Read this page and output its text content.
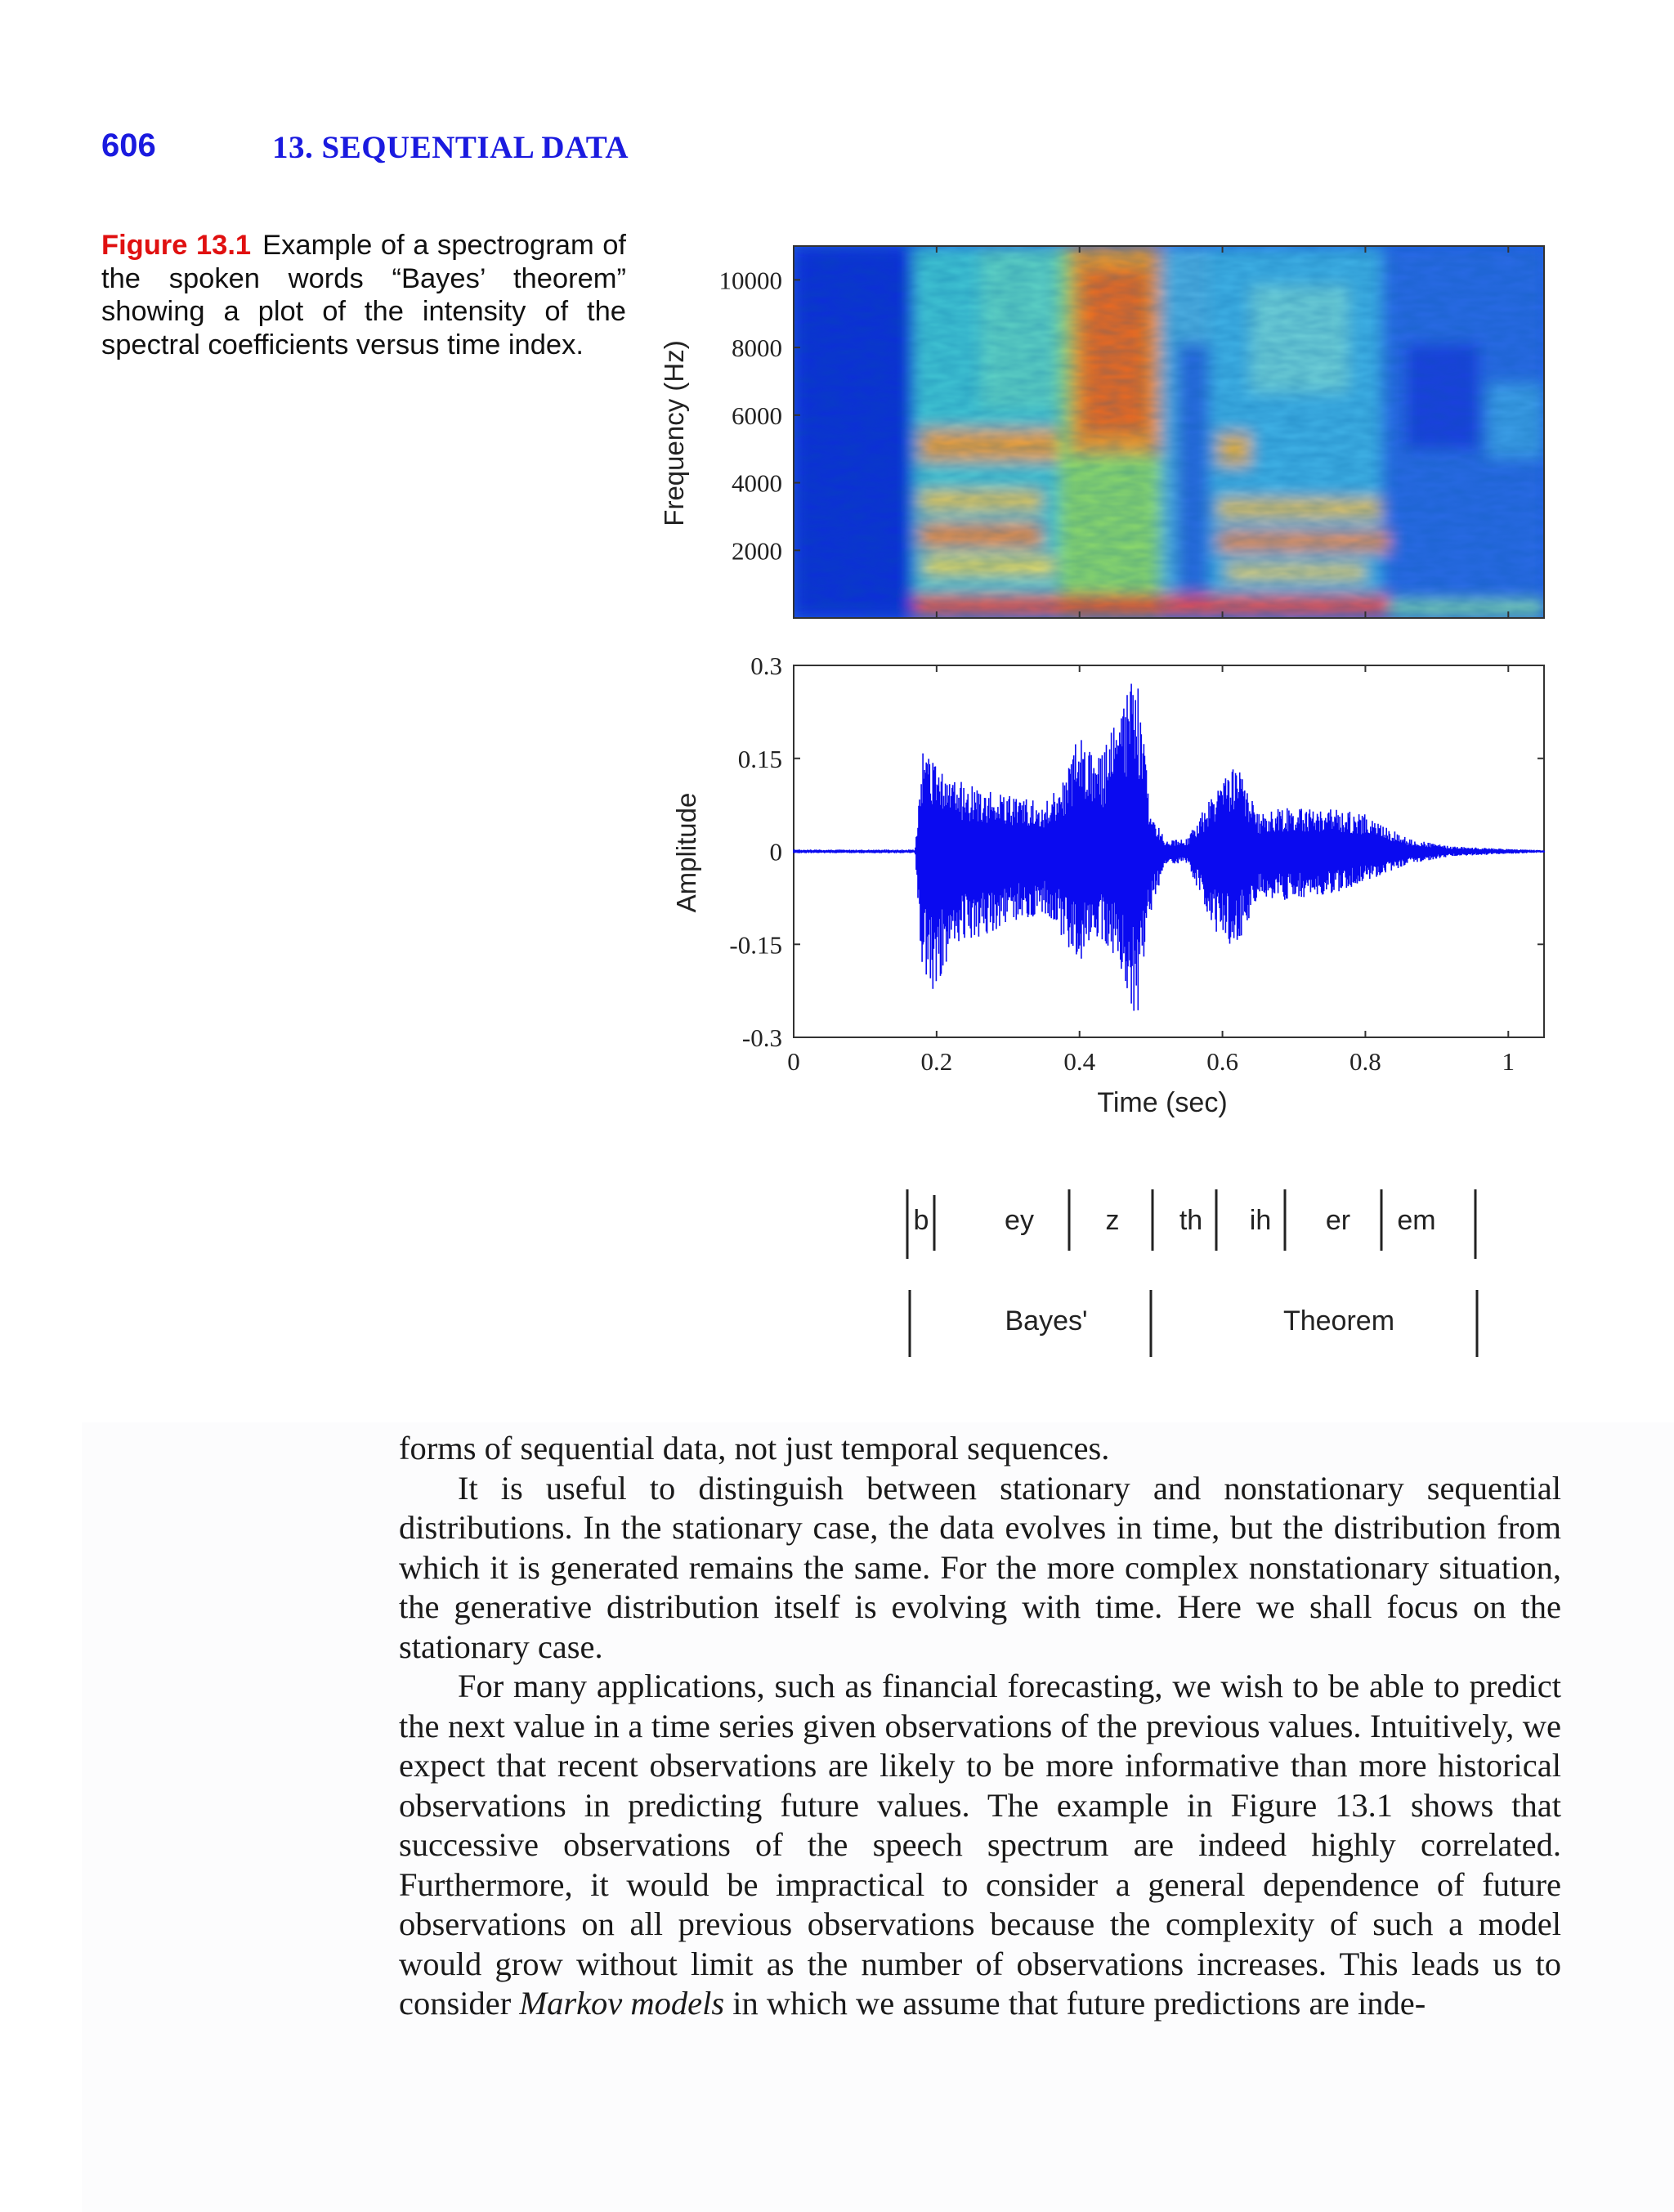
606	13. SEQUENTIAL DATA
Figure 13.1 Example of a spectrogram of the spoken words “Bayes’ theorem” showing a plot of the intensity of the spectral coefficients versus time index.
10000
8000
6000
4000
2000
Frequency (Hz)
0.3
0.15
0
-0.15
-0.3
0	0.2	0.4	0.6	0.8	1
Amplitude
Time (sec)
b	ey	z th ih er em
Bayes'	Theorem

forms of sequential data, not just temporal sequences.

It is useful to distinguish between stationary and nonstationary sequential distributions. In the stationary case, the data evolves in time, but the distribution from which it is generated remains the same. For the more complex nonstationary situation, the generative distribution itself is evolving with time. Here we shall focus on the stationary case.

For many applications, such as financial forecasting, we wish to be able to predict the next value in a time series given observations of the previous values. Intuitively, we expect that recent observations are likely to be more informative than more historical observations in predicting future values. The example in Figure 13.1 shows that successive observations of the speech spectrum are indeed highly correlated. Furthermore, it would be impractical to consider a general dependence of future observations on all previous observations because the complexity of such a model would grow without limit as the number of observations increases. This leads us to consider Markov models in which we assume that future predictions are inde-
